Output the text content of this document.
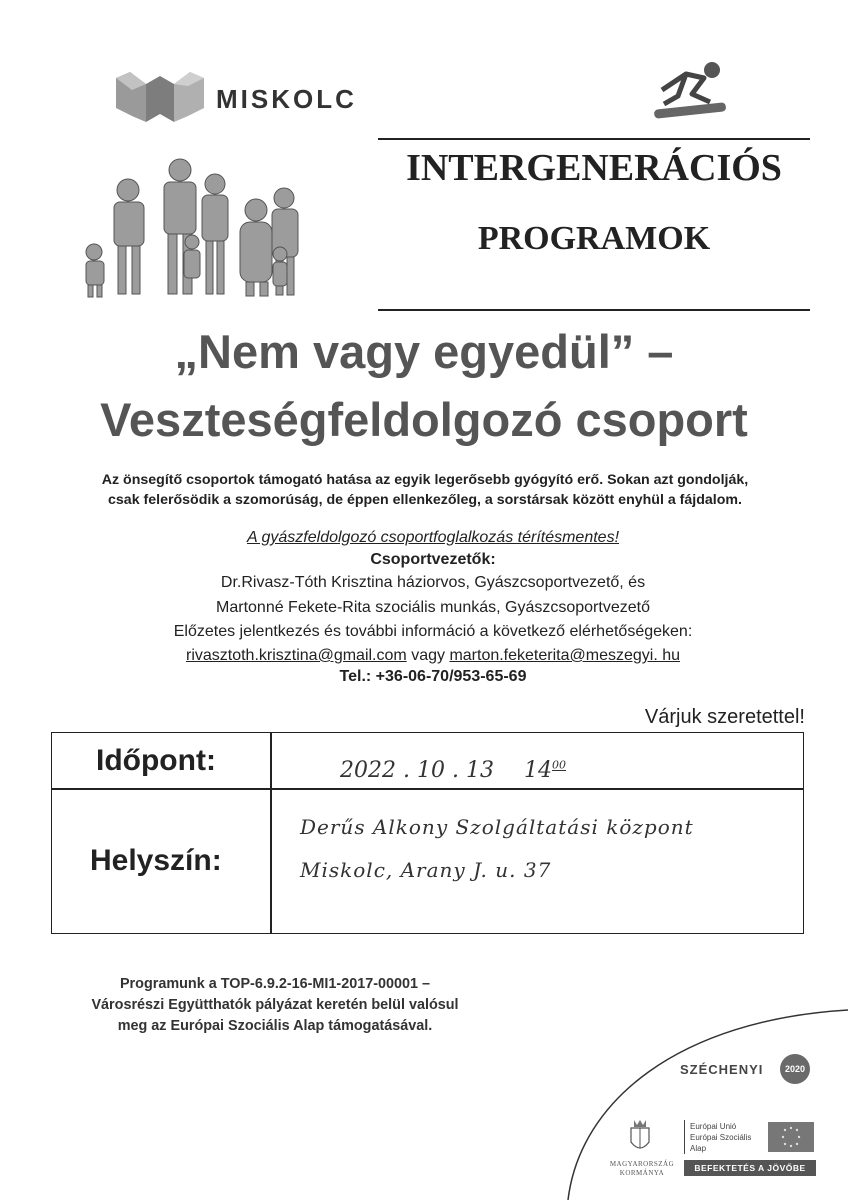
MISKOLC
INTERGENERÁCIÓS
PROGRAMOK
„Nem vagy egyedül” –
Veszteségfeldolgozó csoport
Az önsegítő csoportok támogató hatása az egyik legerősebb gyógyító erő. Sokan azt gondolják, csak felerősödik a szomorúság, de éppen ellenkezőleg, a sorstársak között enyhül a fájdalom.
A gyászfeldolgozó csoportfoglalkozás térítésmentes!
Csoportvezetők:
Dr.Rivasz-Tóth Krisztina háziorvos, Gyászcsoportvezető, és
Martonné Fekete-Rita szociális munkás, Gyászcsoportvezető
Előzetes jelentkezés és további információ a következő elérhetőségeken:
rivasztoth.krisztina@gmail.com vagy marton.feketerita@meszegyi. hu
Tel.: +36-06-70/953-65-69
Várjuk szeretettel!
Időpont:	2022 . 10 . 13 $14^{00}$
Helyszín:
Derűs Alkony Szolgáltatási központ
Miskolc, Arany J. u. 37
Programunk a TOP-6.9.2-16-MI1-2017-00001 – Városrészi Együtthatók pályázat keretén belül valósul meg az Európai Szociális Alap támogatásával.
SZÉCHENYI	2020
MAGYARORSZÁG
KORMÁNYA
Európai Unió
Európai Szociális
Alap
BEFEKTETÉS A JÖVŐBE
